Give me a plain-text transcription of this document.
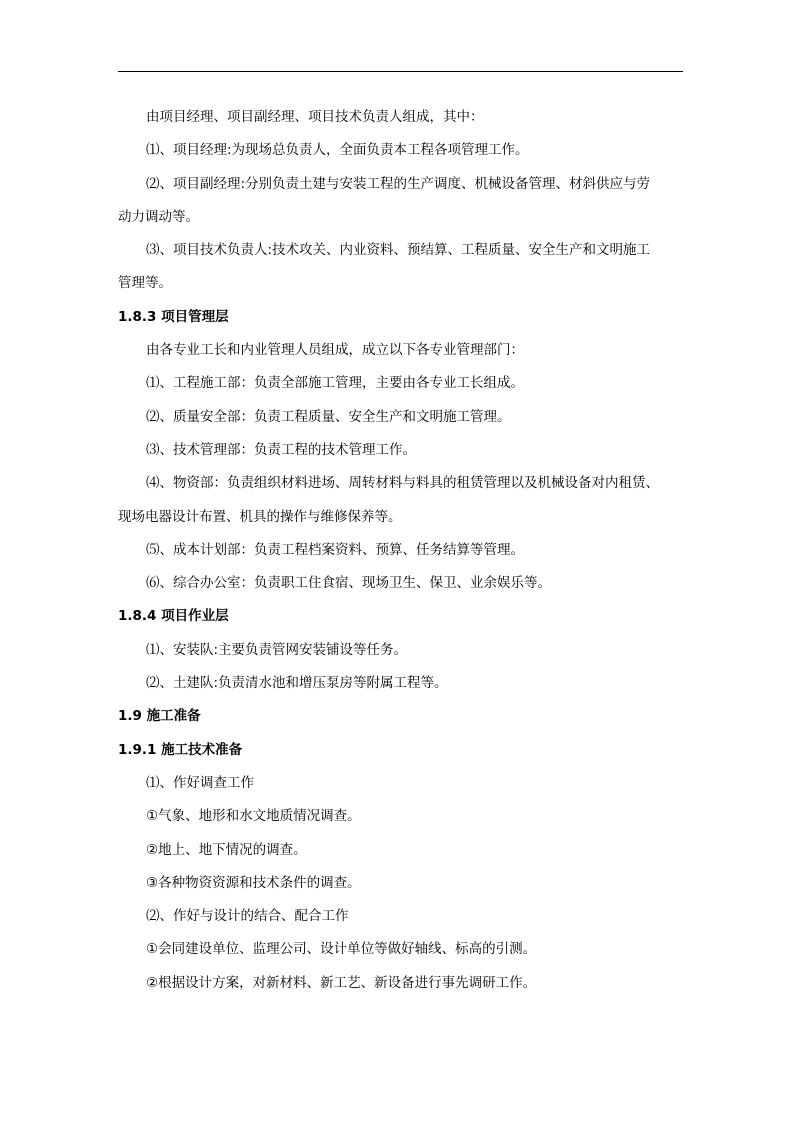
由项目经理、项目副经理、项目技术负责人组成，其中：
⑴、项目经理:为现场总负责人，全面负责本工程各项管理工作。
⑵、项目副经理:分别负责土建与安装工程的生产调度、机械设备管理、材斜供应与劳
动力调动等。
⑶、项目技术负责人:技术攻关、内业资料、预结算、工程质量、安全生产和文明施工
管理等。
1.8.3 项目管理层
由各专业工长和内业管理人员组成，成立以下各专业管理部门：
⑴、工程施工部：负责全部施工管理，主要由各专业工长组成。
⑵、质量安全部：负责工程质量、安全生产和文明施工管理。
⑶、技术管理部：负责工程的技术管理工作。
⑷、物资部：负责组织材料进场、周转材料与料具的租赁管理以及机械设备对内租赁、
现场电器设计布置、机具的操作与维修保养等。
⑸、成本计划部：负责工程档案资料、预算、任务结算等管理。
⑹、综合办公室：负责职工住食宿、现场卫生、保卫、业余娱乐等。
1.8.4 项目作业层
⑴、安装队:主要负责管网安装铺设等任务。
⑵、土建队:负责清水池和增压泵房等附属工程等。
1.9 施工准备
1.9.1 施工技术准备
⑴、作好调查工作
①气象、地形和水文地质情况调查。
②地上、地下情况的调查。
③各种物资资源和技术条件的调查。
⑵、作好与设计的结合、配合工作
①会同建设单位、监理公司、设计单位等做好轴线、标高的引测。
②根据设计方案，对新材料、新工艺、新设备进行事先调研工作。
